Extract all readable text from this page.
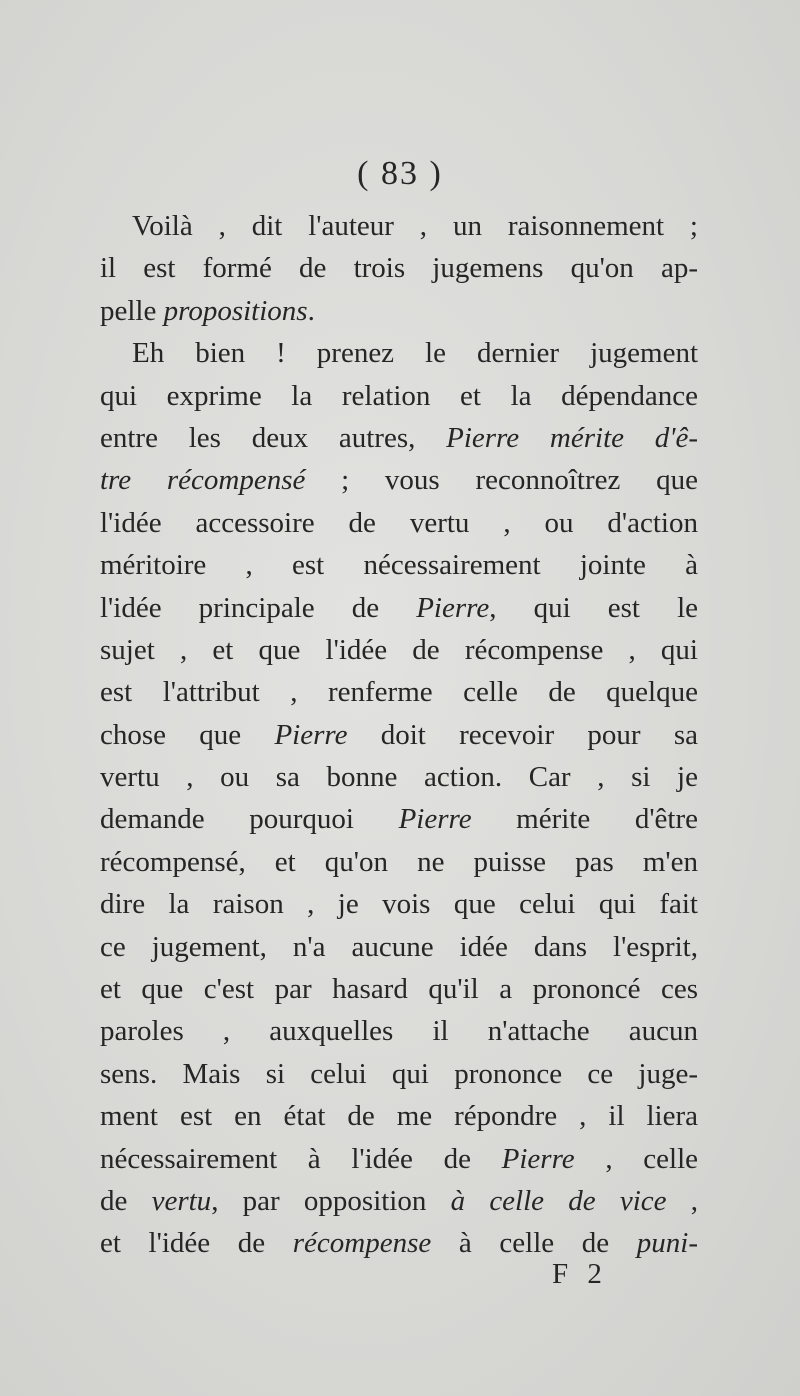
( 83 )
Voilà , dit l'auteur , un raisonnement ;
il est formé de trois jugemens qu'on ap-
pelle propositions.
Eh bien ! prenez le dernier jugement
qui exprime la relation et la dépendance
entre les deux autres, Pierre mérite d'ê-
tre récompensé ; vous reconnoîtrez que
l'idée accessoire de vertu , ou d'action
méritoire , est nécessairement jointe à
l'idée principale de Pierre, qui est le
sujet , et que l'idée de récompense , qui
est l'attribut , renferme celle de quelque
chose que Pierre doit recevoir pour sa
vertu , ou sa bonne action. Car , si je
demande pourquoi Pierre mérite d'être
récompensé, et qu'on ne puisse pas m'en
dire la raison , je vois que celui qui fait
ce jugement, n'a aucune idée dans l'esprit,
et que c'est par hasard qu'il a prononcé ces
paroles , auxquelles il n'attache aucun
sens. Mais si celui qui prononce ce juge-
ment est en état de me répondre , il liera
nécessairement à l'idée de Pierre , celle
de vertu, par opposition à celle de vice ,
et l'idée de récompense à celle de puni-
F 2
